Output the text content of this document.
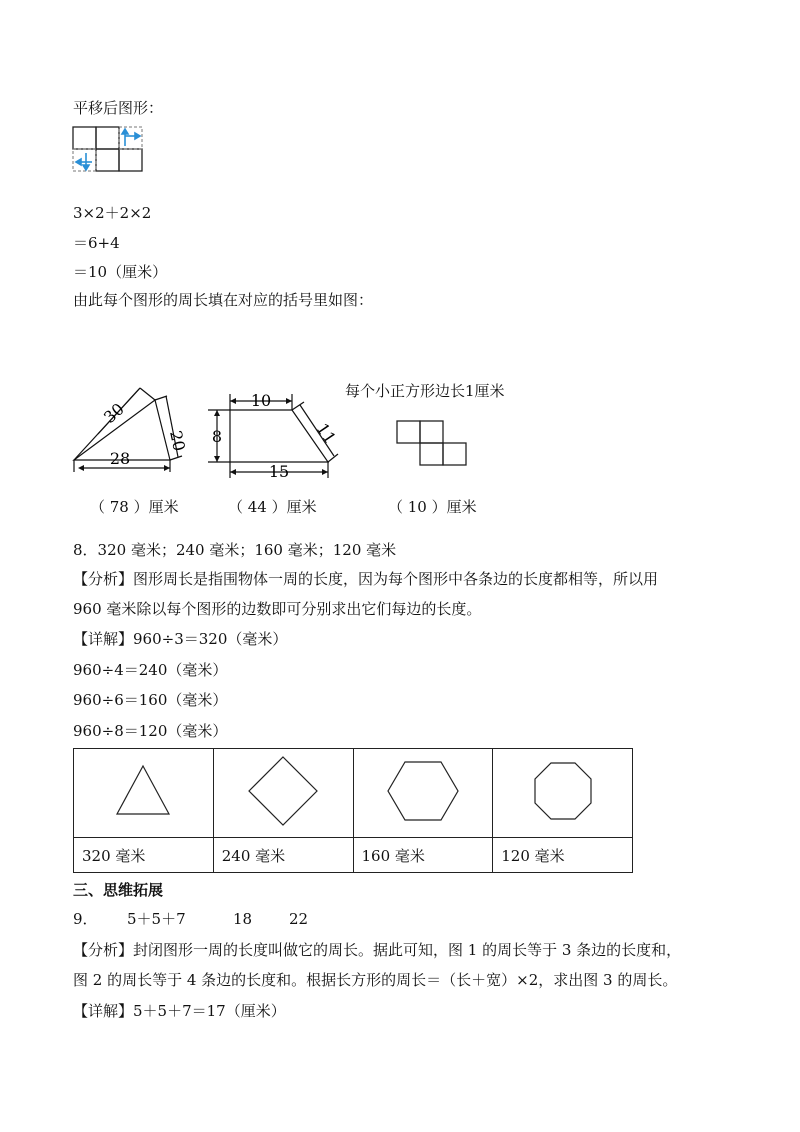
平移后图形：
3×2＋2×2
＝6+4
＝10（厘米）
由此每个图形的周长填在对应的括号里如图：
30
20
28
（ 78 ）厘米
10
8	11
15
（ 44 ）厘米
每个小正方形边长1厘米
（ 10 ）厘米
8．320 毫米；240 毫米；160 毫米；120 毫米
【分析】图形周长是指围物体一周的长度，因为每个图形中各条边的长度都相等，所以用
960 毫米除以每个图形的边数即可分别求出它们每边的长度。
【详解】960÷3＝320（毫米）
960÷4＝240（毫米）
960÷6＝160（毫米）
960÷8＝120（毫米）

320 毫米	240 毫米	160 毫米	120 毫米
三、思维拓展
9． 5＋5＋7	18 22
【分析】封闭图形一周的长度叫做它的周长。据此可知，图 1 的周长等于 3 条边的长度和，
图 2 的周长等于 4 条边的长度和。根据长方形的周长＝（长＋宽）×2，求出图 3 的周长。
【详解】5＋5＋7＝17（厘米）
